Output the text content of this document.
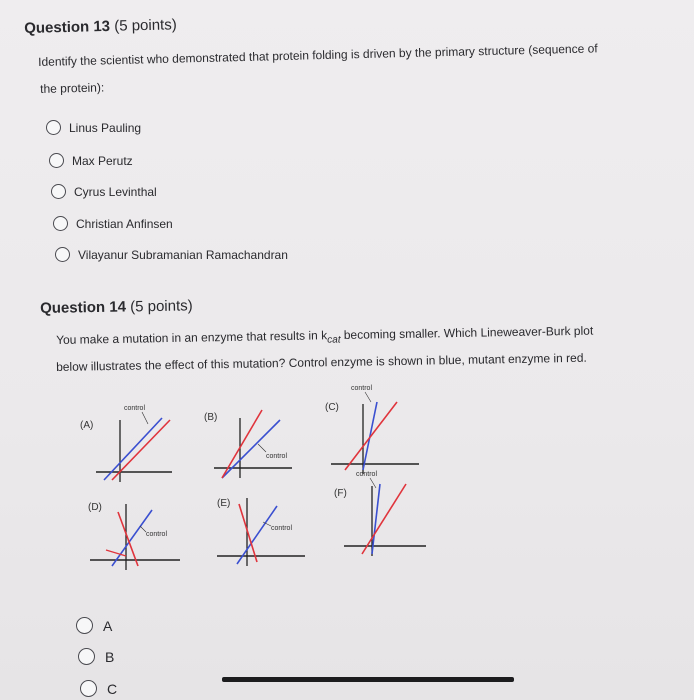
Question 13 (5 points)
Identify the scientist who demonstrated that protein folding is driven by the primary structure (sequence of
the protein):
Linus Pauling
Max Perutz
Cyrus Levinthal
Christian Anfinsen
Vilayanur Subramanian Ramachandran
Question 14 (5 points)
You make a mutation in an enzyme that results in $k_{cat}$ becoming smaller. Which Lineweaver-Burk plot
below illustrates the effect of this mutation? Control enzyme is shown in blue, mutant enzyme in red.
(A)
control
(B)
control
(C)
control
(D)
control
(E)
control
(F)
control
A
B
C
